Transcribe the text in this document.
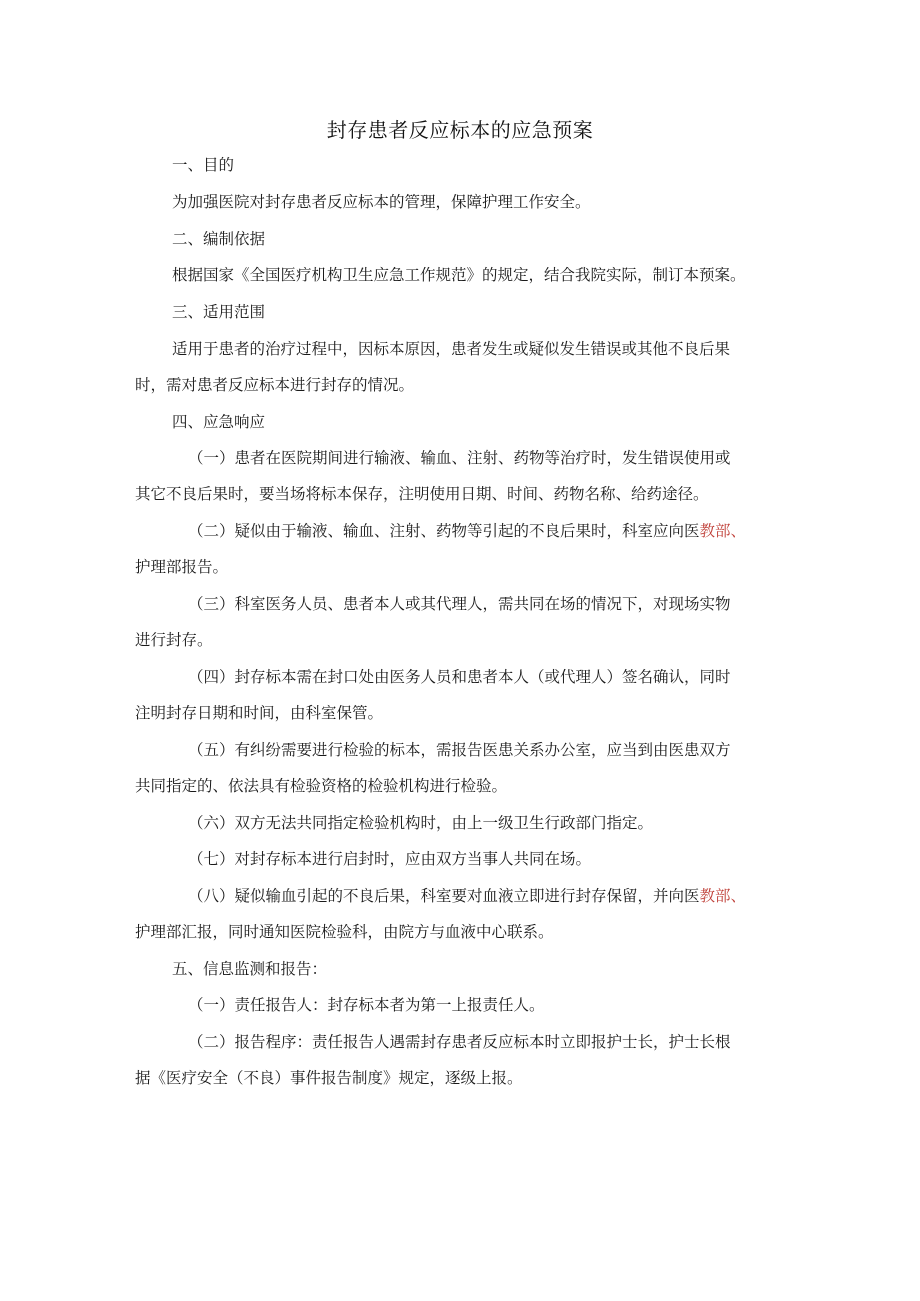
封存患者反应标本的应急预案
一、目的
为加强医院对封存患者反应标本的管理，保障护理工作安全。
二、编制依据
根据国家《全国医疗机构卫生应急工作规范》的规定，结合我院实际，制订本预案。
三、适用范围
适用于患者的治疗过程中，因标本原因，患者发生或疑似发生错误或其他不良后果
时，需对患者反应标本进行封存的情况。
四、应急响应
（一）患者在医院期间进行输液、输血、注射、药物等治疗时，发生错误使用或
其它不良后果时，要当场将标本保存，注明使用日期、时间、药物名称、给药途径。
（二）疑似由于输液、输血、注射、药物等引起的不良后果时，科室应向医教部、
护理部报告。
（三）科室医务人员、患者本人或其代理人，需共同在场的情况下，对现场实物
进行封存。
（四）封存标本需在封口处由医务人员和患者本人（或代理人）签名确认，同时
注明封存日期和时间，由科室保管。
（五）有纠纷需要进行检验的标本，需报告医患关系办公室，应当到由医患双方
共同指定的、依法具有检验资格的检验机构进行检验。
（六）双方无法共同指定检验机构时，由上一级卫生行政部门指定。
（七）对封存标本进行启封时，应由双方当事人共同在场。
（八）疑似输血引起的不良后果，科室要对血液立即进行封存保留，并向医教部、
护理部汇报，同时通知医院检验科，由院方与血液中心联系。
五、信息监测和报告：
（一）责任报告人：封存标本者为第一上报责任人。
（二）报告程序：责任报告人遇需封存患者反应标本时立即报护士长，护士长根
据《医疗安全（不良）事件报告制度》规定，逐级上报。
